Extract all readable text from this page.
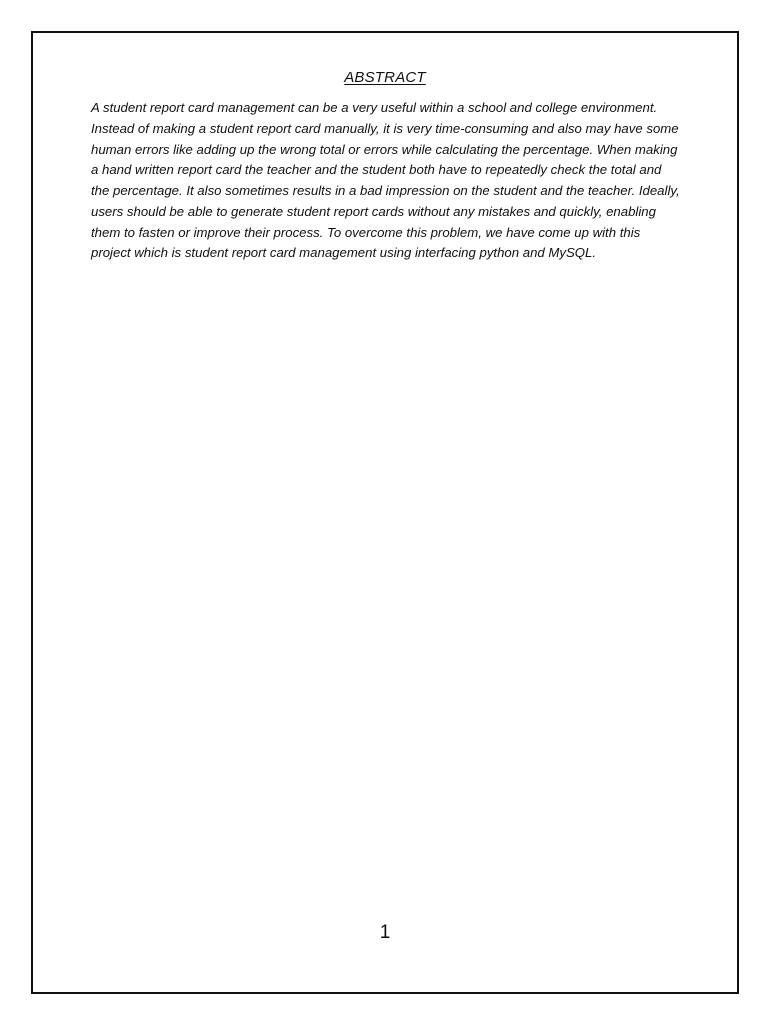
ABSTRACT
A student report card management can be a very useful within a school and college environment. Instead of making a student report card manually, it is very time-consuming and also may have some human errors like adding up the wrong total or errors while calculating the percentage. When making a hand written report card the teacher and the student both have to repeatedly check the total and the percentage. It also sometimes results in a bad impression on the student and the teacher. Ideally, users should be able to generate student report cards without any mistakes and quickly, enabling them to fasten or improve their process. To overcome this problem, we have come up with this project which is student report card management using interfacing python and MySQL.
1
